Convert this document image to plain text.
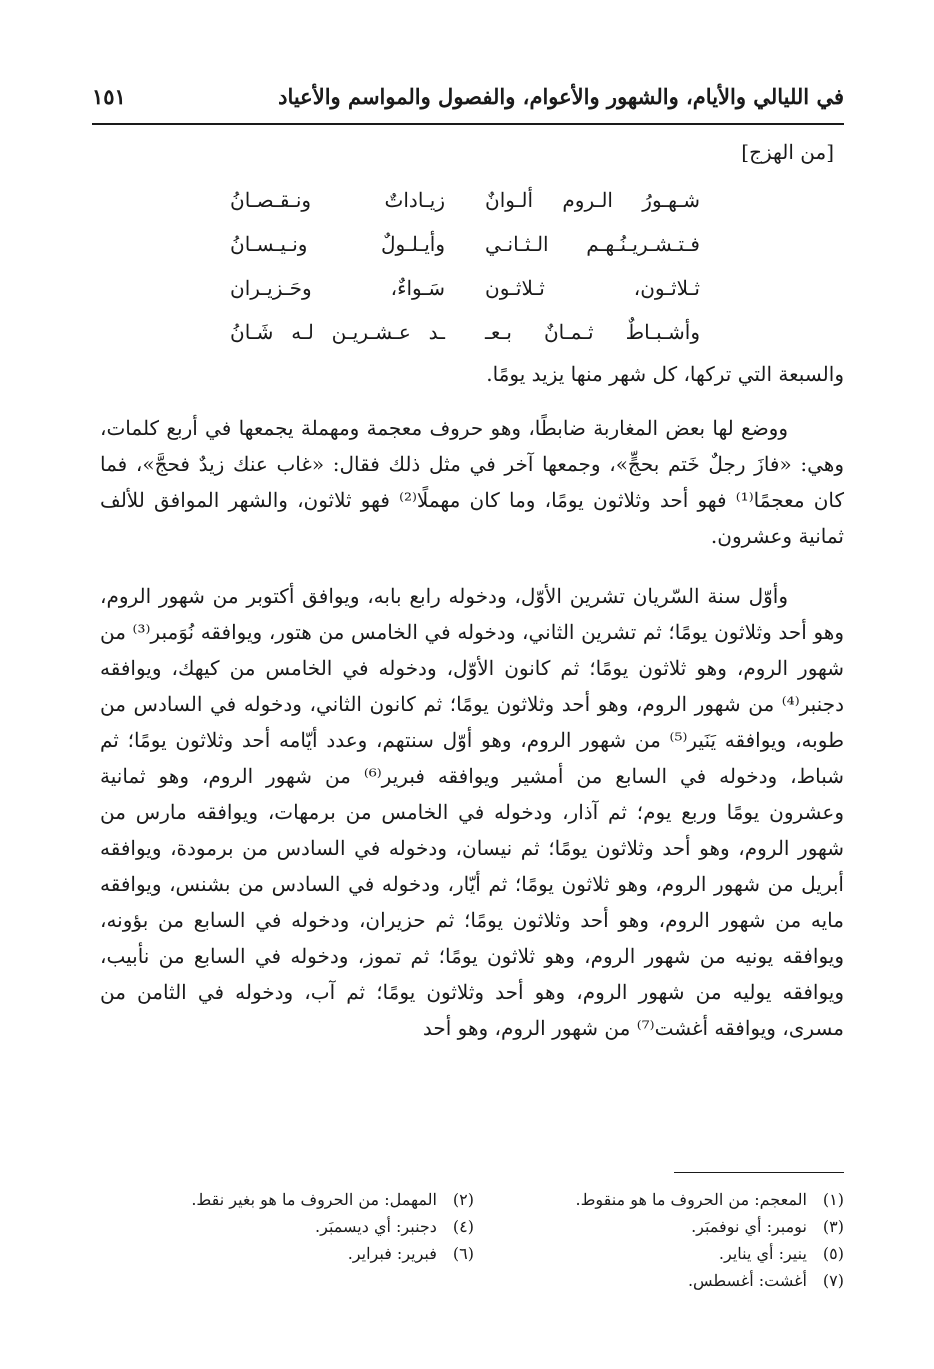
في الليالي والأيام، والشهور والأعوام، والفصول والمواسم والأعياد
١٥١
[من الهزج]
شـهـورُ الـروم ألـوانٌ
زيـاداتٌ ونـقـصـانُ
فـتـشـريـنُـهـم الـثـانـي
وأيـلـولٌ ونـيـسـانُ
ثـلاثـون، ثـلاثـون
سَـواءٌ، وحَـزيـران
وأشـبـاطٌ ثـمـانٌ بـعـ
ـد عـشـريـن لـه شَـانُ

والسبعة التي تركها، كل شهر منها يزيد يومًا.

ووضع لها بعض المغاربة ضابطًا، وهو حروف معجمة ومهملة يجمعها في أربع كلمات، وهي: «فازَ رجلٌ خَتم بحجٍّ»، وجمعها آخر في مثل ذلك فقال: «غاب عنك زيدٌ فحجَّ»، فما كان معجمًا⁽¹⁾ فهو أحد وثلاثون يومًا، وما كان مهملًا⁽²⁾ فهو ثلاثون، والشهر الموافق للألف ثمانية وعشرون.

وأوّل سنة السّريان تشرين الأوّل، ودخوله رابع بابه، ويوافق أكتوبر من شهور الروم، وهو أحد وثلاثون يومًا؛ ثم تشرين الثاني، ودخوله في الخامس من هتور، ويوافقه نُوَمبر⁽³⁾ من شهور الروم، وهو ثلاثون يومًا؛ ثم كانون الأوّل، ودخوله في الخامس من كيهك، ويوافقه دجنبر⁽⁴⁾ من شهور الروم، وهو أحد وثلاثون يومًا؛ ثم كانون الثاني، ودخوله في السادس من طوبه، ويوافقه يَنَير⁽⁵⁾ من شهور الروم، وهو أوّل سنتهم، وعدد أيّامه أحد وثلاثون يومًا؛ ثم شباط، ودخوله في السابع من أمشير ويوافقه فبرير⁽⁶⁾ من شهور الروم، وهو ثمانية وعشرون يومًا وربع يوم؛ ثم آذار، ودخوله في الخامس من برمهات، ويوافقه مارس من شهور الروم، وهو أحد وثلاثون يومًا؛ ثم نيسان، ودخوله في السادس من برمودة، ويوافقه أبريل من شهور الروم، وهو ثلاثون يومًا؛ ثم أيّار، ودخوله في السادس من بشنس، ويوافقه مايه من شهور الروم، وهو أحد وثلاثون يومًا؛ ثم حزيران، ودخوله في السابع من بؤونه، ويوافقه يونيه من شهور الروم، وهو ثلاثون يومًا؛ ثم تموز، ودخوله في السابع من نأبيب، ويوافقه يوليه من شهور الروم، وهو أحد وثلاثون يومًا؛ ثم آب، ودخوله في الثامن من مسرى، ويوافقه أغشت⁽⁷⁾ من شهور الروم، وهو أحد

(١) المعجم: من الحروف ما هو منقوط.
(٣) نومبر: أي نوفمبَر.
(٥) ينير: أي يناير.
(٧) أغشت: أغسطس.
(٢) المهمل: من الحروف ما هو بغير نقط.
(٤) دجنبر: أي ديسمبَر.
(٦) فبرير: فبراير.
